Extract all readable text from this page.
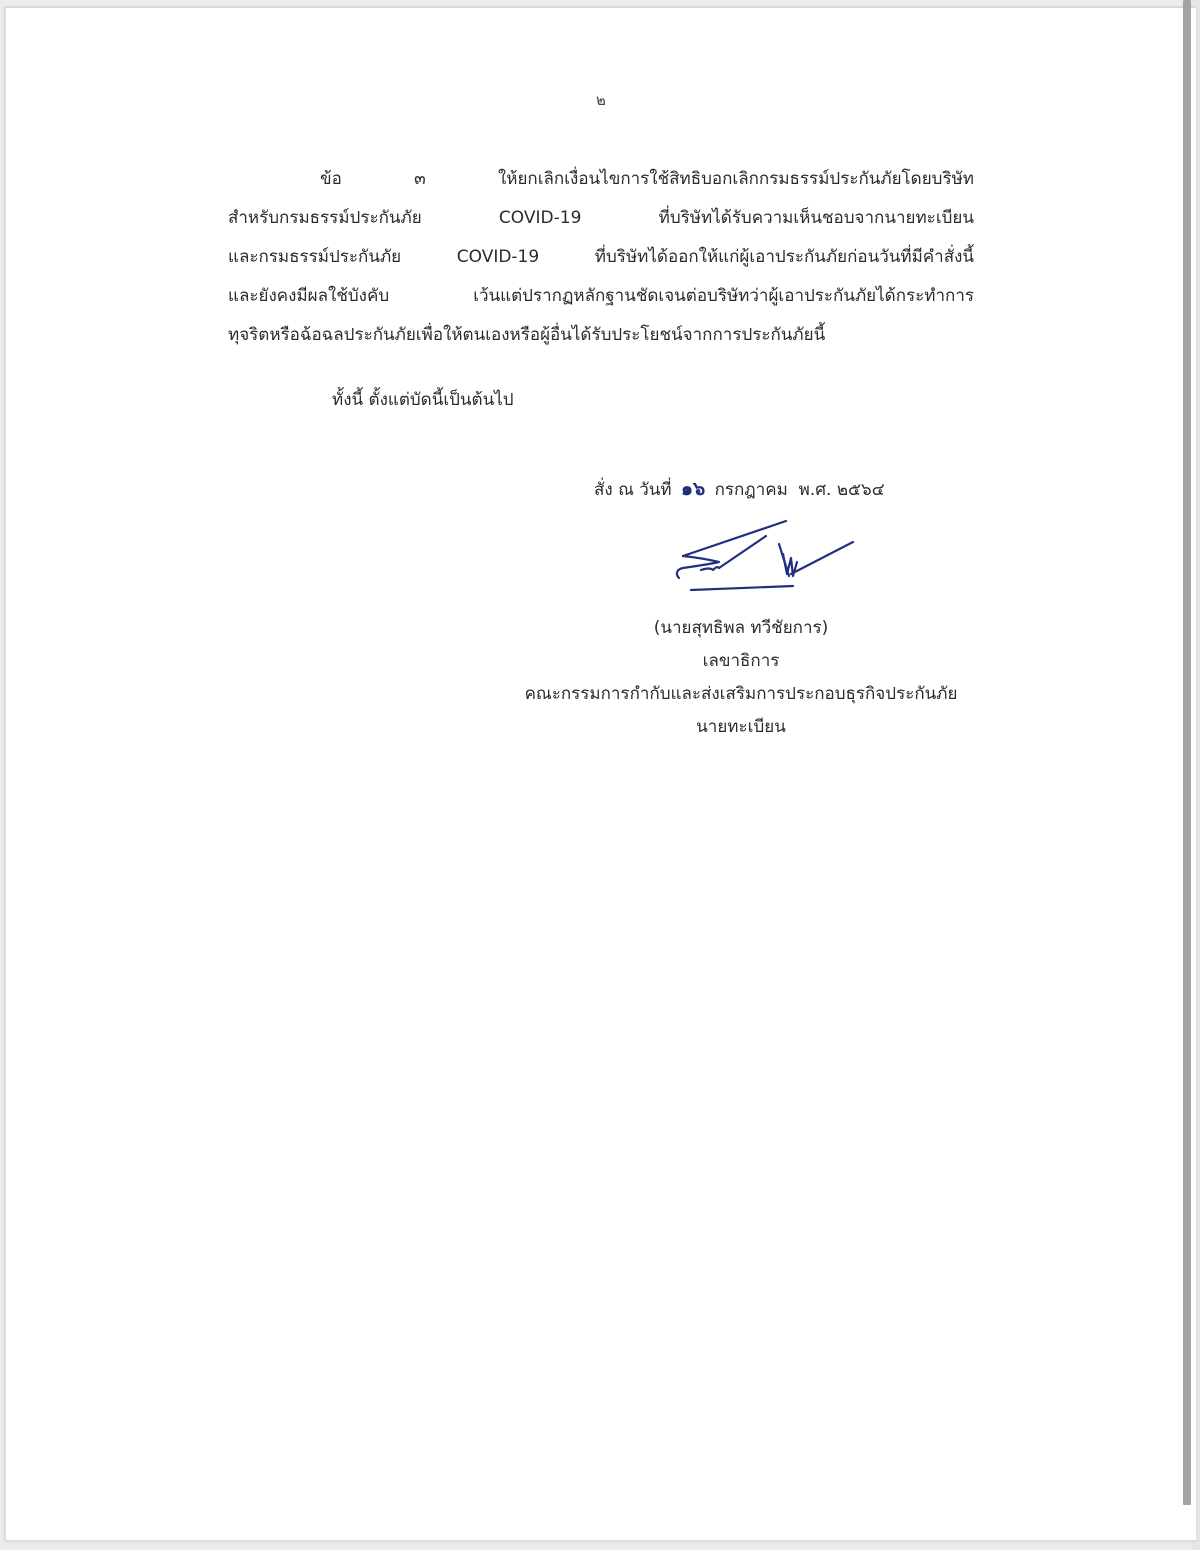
๒
ข้อ ๓ ให้ยกเลิกเงื่อนไขการใช้สิทธิบอกเลิกกรมธรรม์ประกันภัยโดยบริษัท
สำหรับกรมธรรม์ประกันภัย COVID-19 ที่บริษัทได้รับความเห็นชอบจากนายทะเบียน
และกรมธรรม์ประกันภัย COVID-19 ที่บริษัทได้ออกให้แก่ผู้เอาประกันภัยก่อนวันที่มีคำสั่งนี้
และยังคงมีผลใช้บังคับ เว้นแต่ปรากฏหลักฐานชัดเจนต่อบริษัทว่าผู้เอาประกันภัยได้กระทำการ
ทุจริตหรือฉ้อฉลประกันภัยเพื่อให้ตนเองหรือผู้อื่นได้รับประโยชน์จากการประกันภัยนี้
ทั้งนี้ ตั้งแต่บัดนี้เป็นต้นไป
สั่ง ณ วันที่ ๑๖ กรกฎาคม พ.ศ. ๒๕๖๔
(นายสุทธิพล ทวีชัยการ)
เลขาธิการ
คณะกรรมการกำกับและส่งเสริมการประกอบธุรกิจประกันภัย
นายทะเบียน
